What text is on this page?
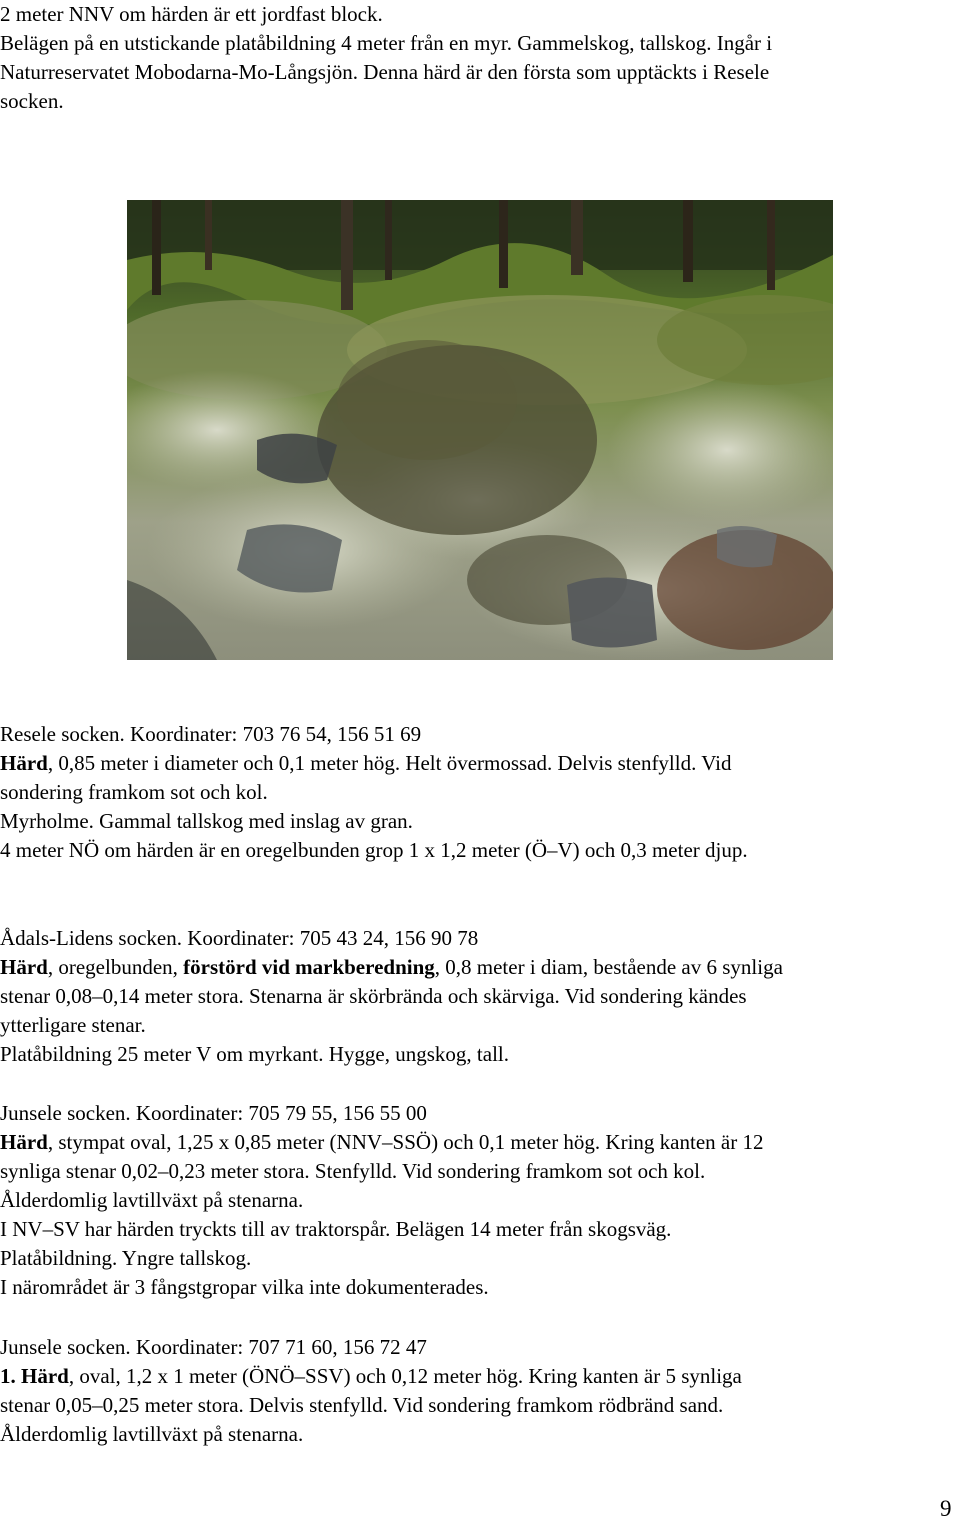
2 meter NNV om härden är ett jordfast block.
Belägen på en utstickande platåbildning 4 meter från en myr. Gammelskog, tallskog. Ingår i
Naturreservatet Mobodarna-Mo-Långsjön. Denna härd är den första som upptäckts i Resele
socken.
Resele socken. Koordinater: 703 76 54, 156 51 69
Härd, 0,85 meter i diameter och 0,1 meter hög. Helt övermossad. Delvis stenfylld. Vid
sondering framkom sot och kol.
Myrholme. Gammal tallskog med inslag av gran.
4 meter NÖ om härden är en oregelbunden grop 1 x 1,2 meter (Ö–V) och 0,3 meter djup.
Ådals-Lidens socken. Koordinater: 705 43 24, 156 90 78
Härd, oregelbunden, förstörd vid markberedning, 0,8 meter i diam, bestående av 6 synliga
stenar 0,08–0,14 meter stora. Stenarna är skörbrända och skärviga. Vid sondering kändes
ytterligare stenar.
Platåbildning 25 meter V om myrkant. Hygge, ungskog, tall.
Junsele socken. Koordinater: 705 79 55, 156 55 00
Härd, stympat oval, 1,25 x 0,85 meter (NNV–SSÖ) och 0,1 meter hög. Kring kanten är 12
synliga stenar 0,02–0,23 meter stora. Stenfylld. Vid sondering framkom sot och kol.
Ålderdomlig lavtillväxt på stenarna.
I NV–SV har härden tryckts till av traktorspår. Belägen 14 meter från skogsväg.
Platåbildning. Yngre tallskog.
I närområdet är 3 fångstgropar vilka inte dokumenterades.
Junsele socken. Koordinater: 707 71 60, 156 72 47
1. Härd, oval, 1,2 x 1 meter (ÖNÖ–SSV) och 0,12 meter hög. Kring kanten är 5 synliga
stenar 0,05–0,25 meter stora. Delvis stenfylld. Vid sondering framkom rödbränd sand.
Ålderdomlig lavtillväxt på stenarna.
9
